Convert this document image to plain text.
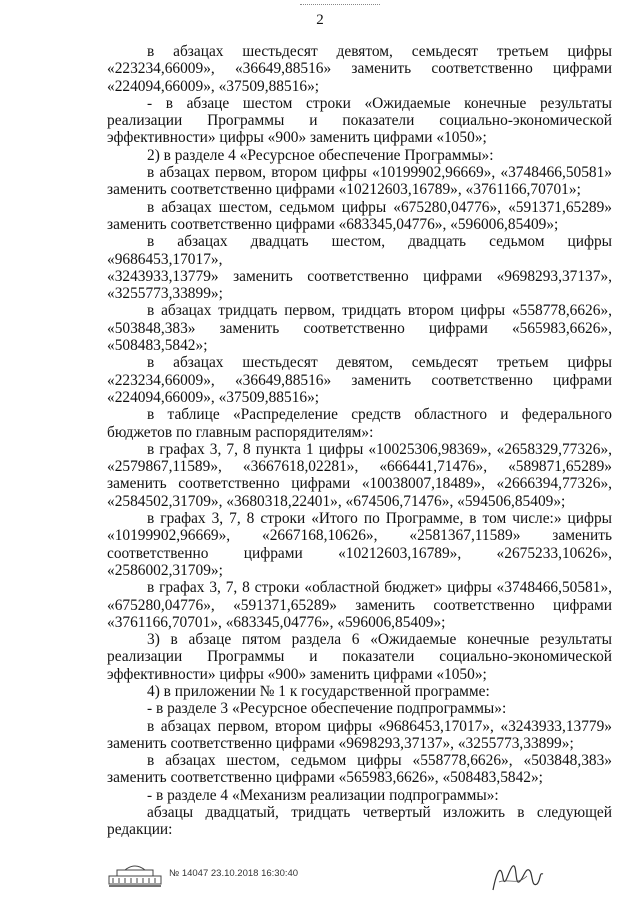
2

в абзацах шестьдесят девятом, семьдесят третьем цифры
«223234,66009», «36649,88516» заменить соответственно цифрами
«224094,66009», «37509,88516»;

- в абзаце шестом строки «Ожидаемые конечные результаты
реализации Программы и показатели социально-экономической
эффективности» цифры «900» заменить цифрами «1050»;

2) в разделе 4 «Ресурсное обеспечение Программы»:

в абзацах первом, втором цифры «10199902,96669», «3748466,50581»
заменить соответственно цифрами «10212603,16789», «3761166,70701»;

в абзацах шестом, седьмом цифры «675280,04776», «591371,65289»
заменить соответственно цифрами «683345,04776», «596006,85409»;

в абзацах двадцать шестом, двадцать седьмом цифры «9686453,17017»,
«3243933,13779» заменить соответственно цифрами «9698293,37137»,
«3255773,33899»;

в абзацах тридцать первом, тридцать втором цифры «558778,6626»,
«503848,383» заменить соответственно цифрами «565983,6626»,
«508483,5842»;

в абзацах шестьдесят девятом, семьдесят третьем цифры
«223234,66009», «36649,88516» заменить соответственно цифрами
«224094,66009», «37509,88516»;

в таблице «Распределение средств областного и федерального
бюджетов по главным распорядителям»:

в графах 3, 7, 8 пункта 1 цифры «10025306,98369», «2658329,77326»,
«2579867,11589», «3667618,02281», «666441,71476», «589871,65289»
заменить соответственно цифрами «10038007,18489», «2666394,77326»,
«2584502,31709», «3680318,22401», «674506,71476», «594506,85409»;

в графах 3, 7, 8 строки «Итого по Программе, в том числе:» цифры
«10199902,96669», «2667168,10626», «2581367,11589» заменить
соответственно цифрами «10212603,16789», «2675233,10626»,
«2586002,31709»;

в графах 3, 7, 8 строки «областной бюджет» цифры «3748466,50581»,
«675280,04776», «591371,65289» заменить соответственно цифрами
«3761166,70701», «683345,04776», «596006,85409»;

3) в абзаце пятом раздела 6 «Ожидаемые конечные результаты
реализации Программы и показатели социально-экономической
эффективности» цифры «900» заменить цифрами «1050»;

4) в приложении № 1 к государственной программе:

- в разделе 3 «Ресурсное обеспечение подпрограммы»:

в абзацах первом, втором цифры «9686453,17017», «3243933,13779»
заменить соответственно цифрами «9698293,37137», «3255773,33899»;

в абзацах шестом, седьмом цифры «558778,6626», «503848,383»
заменить соответственно цифрами «565983,6626», «508483,5842»;

- в разделе 4 «Механизм реализации подпрограммы»:

абзацы двадцатый, тридцать четвертый изложить в следующей
редакции:

№ 14047 23.10.2018 16:30:40
